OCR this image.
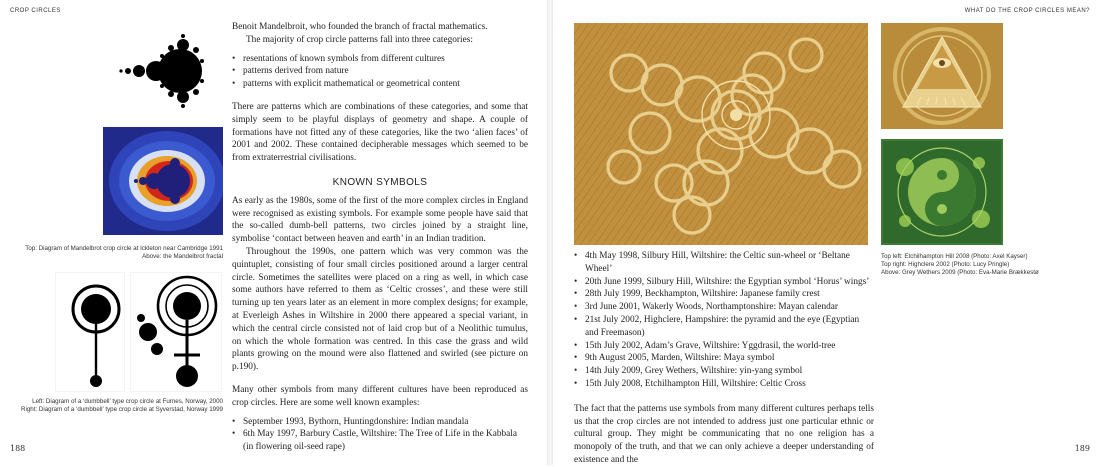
CROP CIRCLES
Top: Diagram of Mandelbrot crop circle at Ickleton near Cambridge 1991
Above: the Mandelbrot fractal
Left: Diagram of a ‘dumbbell’ type crop circle at Furnes, Norway, 2000
Right: Diagram of a ‘dumbbell’ type crop circle at Syverstad, Norway 1999
188

Benoit Mandelbroit, who founded the branch of fractal mathematics.

The majority of crop circle patterns fall into three categories:

• resentations of known symbols from different cultures
• patterns derived from nature
• patterns with explicit mathematical or geometrical content

There are patterns which are combinations of these categories, and some that simply seem to be playful displays of geometry and shape. A couple of formations have not fitted any of these categories, like the two ‘alien faces’ of 2001 and 2002. These contained decipherable messages which seemed to be from extraterrestrial civilisations.

KNOWN SYMBOLS

As early as the 1980s, some of the first of the more complex circles in England were recognised as existing symbols. For example some people have said that the so-called dumb-bell patterns, two circles joined by a straight line, symbolise ‘contact between heaven and earth’ in an Indian tradition.

Throughout the 1990s, one pattern which was very common was the quintuplet, consisting of four small circles positioned around a larger central circle. Sometimes the satellites were placed on a ring as well, in which case some authors have referred to them as ‘Celtic crosses’, and these were still turning up ten years later as an element in more complex designs; for example, at Everleigh Ashes in Wiltshire in 2000 there appeared a special variant, in which the central circle consisted not of laid crop but of a Neolithic tumulus, on which the whole formation was centred. In this case the grass and wild plants growing on the mound were also flattened and swirled (see picture on p.190).

Many other symbols from many different cultures have been reproduced as crop circles. Here are some well known examples:

• September 1993, Bythorn, Huntingdonshire: Indian mandala
• 6th May 1997, Barbury Castle, Wiltshire: The Tree of Life in the Kabbala (in flowering oil-seed rape)
WHAT DO THE CROP CIRCLES MEAN?
Top left: Etchilhampton Hill 2008 (Photo: Axel Kayser)
Top right: Highclere 2002 (Photo: Lucy Pringle)
Above: Grey Wethers 2009 (Photo: Eva-Marie Brækkestø
• 4th May 1998, Silbury Hill, Wiltshire: the Celtic sun-wheel or ‘Beltane Wheel’
• 20th June 1999, Silbury Hill, Wiltshire: the Egyptian symbol ‘Horus’ wings’
• 28th July 1999, Beckhampton, Wiltshire: Japanese family crest
• 3rd June 2001, Wakerly Woods, Northamptonshire: Mayan calendar
• 21st July 2002, Highclere, Hampshire: the pyramid and the eye (Egyptian and Freemason)
• 15th July 2002, Adam’s Grave, Wiltshire: Yggdrasil, the world-tree
• 9th August 2005, Marden, Wiltshire: Maya symbol
• 14th July 2009, Grey Wethers, Wiltshire: yin-yang symbol
• 15th July 2008, Etchilhampton Hill, Wiltshire: Celtic Cross

The fact that the patterns use symbols from many different cultures perhaps tells us that the crop circles are not intended to address just one particular ethnic or cultural group. They might be communicating that no one religion has a monopoly of the truth, and that we can only achieve a deeper understanding of existence and the

189
